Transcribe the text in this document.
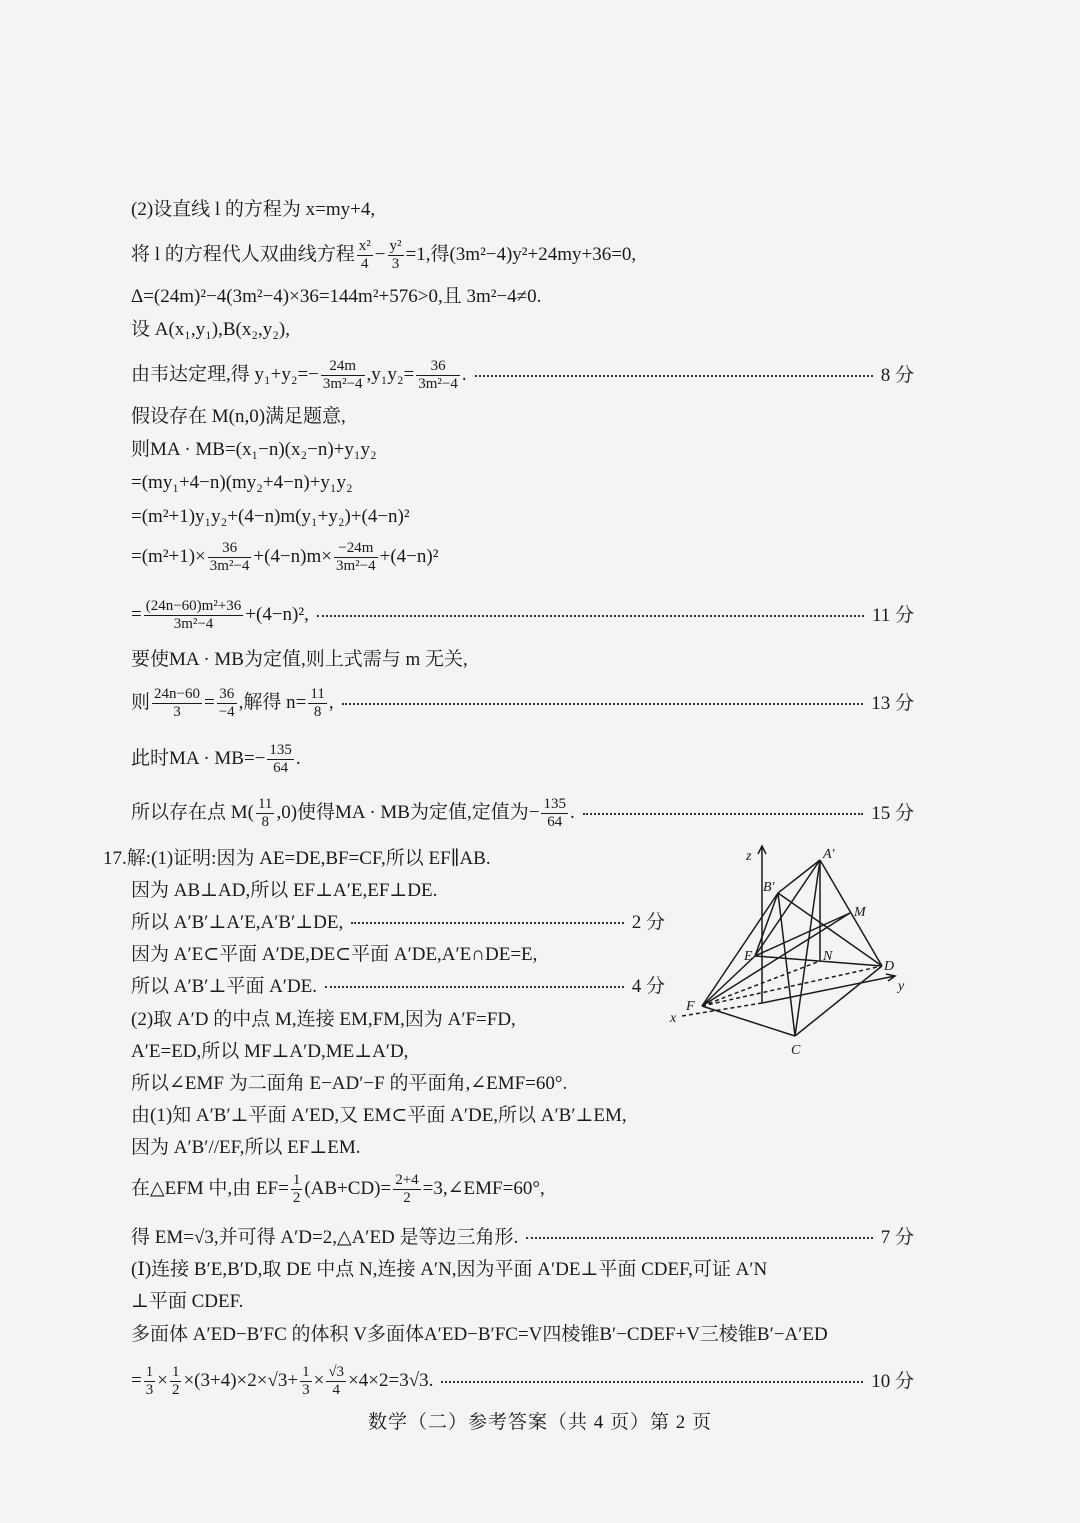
(2)设直线 l 的方程为 x=my+4,
将 l 的方程代人双曲线方程 $\frac{\text{x²}}{4} - \frac{\text{y²}}{3} =1$,得(3m²−4)y²+24my+36=0,
Δ=(24m)²−4(3m²−4)×36=144m²+576>0,且 3m²−4≠0.
设 A(x₁,y₁),B(x₂,y₂),
由韦达定理,得 $y_1+y_2=- \frac{24m}{\text{3m²−4}} ,y_1y_2= \frac{36}{\text{3m²−4}}$ .	8 分
假设存在 M(n,0)满足题意,
则MA · MB=(x₁−n)(x₂−n)+y₁y₂
=(my₁+4−n)(my₂+4−n)+y₁y₂
=(m²+1)y₁y₂+(4−n)m(y₁+y₂)+(4−n)²
$=(m^2+1)\times \frac{36}{\text{3m²−4}} +(4-n)m\times \frac{-24m}{\text{3m²−4}} +(4-n)^2$
= $\frac{\text{(24n−60)m²+36}}{\text{3m²−4}} +(4-n)^2$,	11 分
要使MA · MB为定值,则上式需与 m 无关,
则 $\frac{24n-60}{3} = \frac{36}{-4}$ ,解得 $n= \frac{11}{8}$ ,	13 分
此时MA · $MB=- \frac{135}{64}$ .
所以存在点 $M( \frac{11}{8} ,0)$使得MA · MB为定值,定值为− $\frac{135}{64}$ .	15 分
17.解:(1)证明:因为 AE=DE,BF=CF,所以 EF∥AB.
因为 AB⊥AD,所以 EF⊥A′E,EF⊥DE.
所以 A′B′⊥A′E,A′B′⊥DE,	2 分
因为 A′E⊂平面 A′DE,DE⊂平面 A′DE,A′E∩DE=E,
所以 A′B′⊥平面 A′DE.	4 分
(2)取 A′D 的中点 M,连接 EM,FM,因为 A′F=FD,
A′E=ED,所以 MF⊥A′D,ME⊥A′D,
所以∠EMF 为二面角 E−AD′−F 的平面角,∠EMF=60°.
由(1)知 A′B′⊥平面 A′ED,又 EM⊂平面 A′DE,所以 A′B′⊥EM,
因为 A′B′//EF,所以 EF⊥EM.
在△EFM 中,由 $EF= \frac{1}{2} (AB+CD)= \frac{2+4}{2}$ =3,∠EMF=60°,
得 EM=√3,并可得 A′D=2,△A′ED 是等边三角形.	7 分
(Ⅰ)连接 B′E,B′D,取 DE 中点 N,连接 A′N,因为平面 A′DE⊥平面 CDEF,可证 A′N
⊥平面 CDEF.
多面体 A′ED−B′FC 的体积 V多面体A′ED−B′FC=V四棱锥B′−CDEF+V三棱锥B′−A′ED
= $\frac{1}{3} \times \frac{1}{2} \times(3+4)\times 2\times√3+ \frac{1}{3} \times \frac{√3}{4} \times 4\times 2=3√3$.	10 分
z	A′
B′
M
E	N
D
y
F
x
C
数学（二）参考答案（共 4 页）第 2 页
